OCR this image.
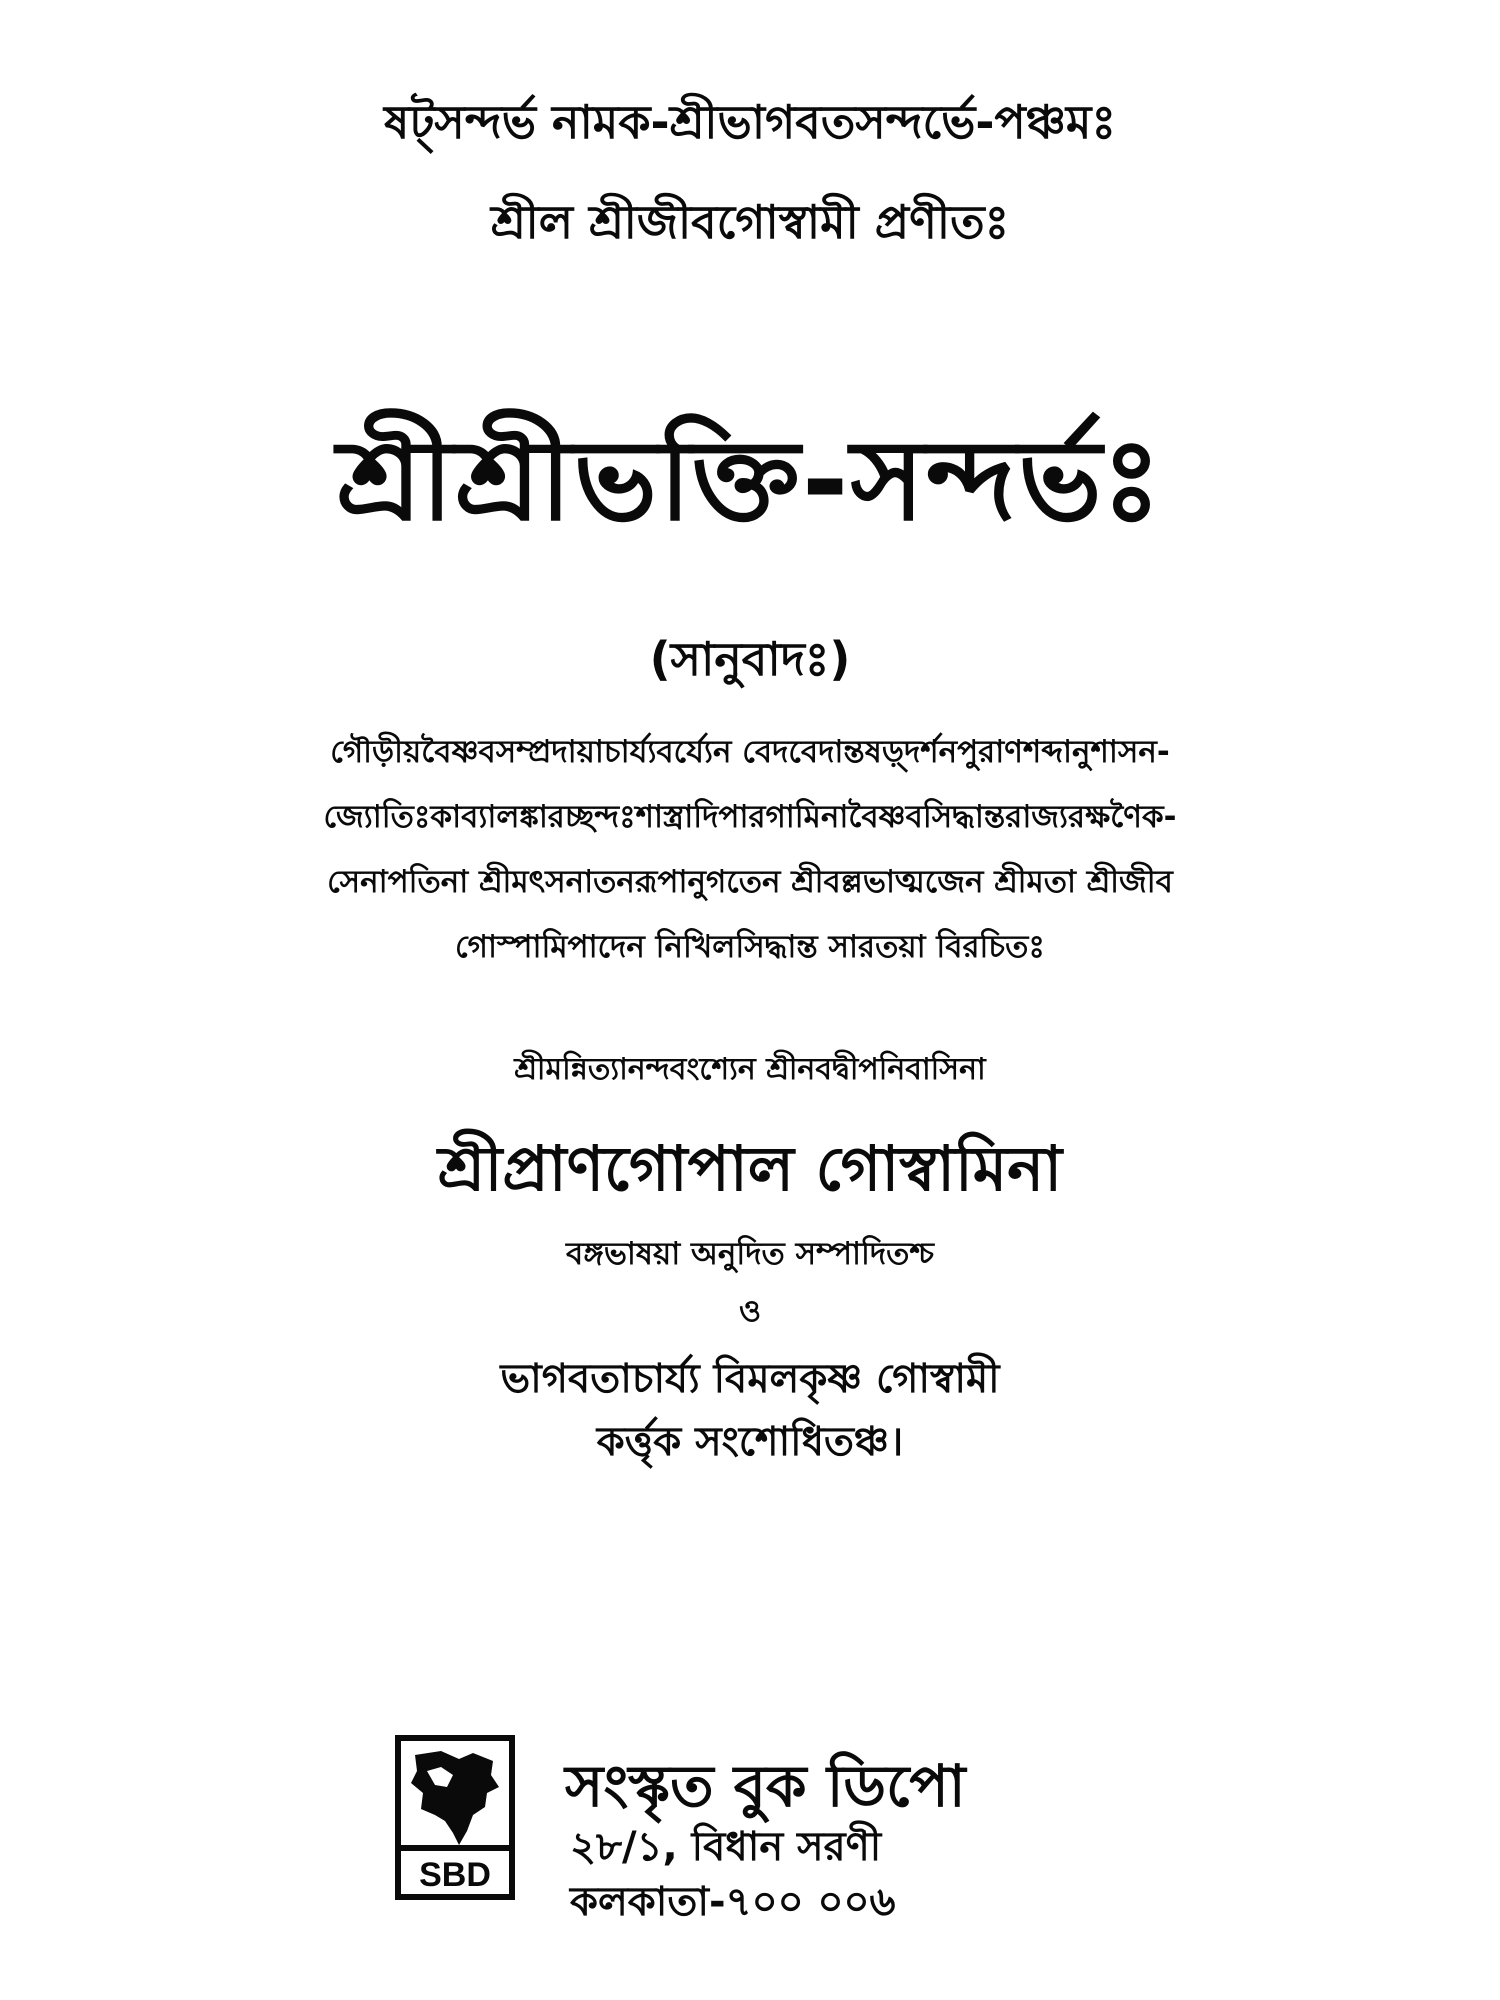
ষট্সন্দর্ভ নামক-শ্রীভাগবতসন্দর্ভে-পঞ্চমঃ
শ্রীল শ্রীজীবগোস্বামী প্রণীতঃ
শ্রীশ্রীভক্তি-সন্দর্ভঃ
(সানুবাদঃ)
গৌড়ীয়বৈষ্ণবসম্প্রদায়াচার্য্যবর্য্যেন বেদবেদান্তষড়্দর্শনপুরাণশব্দানুশাসন-
জ্যোতিঃকাব্যালঙ্কারচ্ছন্দঃশাস্ত্রাদিপারগামিনাবৈষ্ণবসিদ্ধান্তরাজ্যরক্ষণৈক-
সেনাপতিনা শ্রীমৎসনাতনরূপানুগতেন শ্রীবল্লভাত্মজেন শ্রীমতা শ্রীজীব
গোস্পামিপাদেন নিখিলসিদ্ধান্ত সারতয়া বিরচিতঃ
শ্রীমন্নিত্যানন্দবংশ্যেন শ্রীনবদ্বীপনিবাসিনা
শ্রীপ্রাণগোপাল গোস্বামিনা
বঙ্গভাষয়া অনুদিত সম্পাদিতশ্চ
ও
ভাগবতাচার্য্য বিমলকৃষ্ণ গোস্বামী
কর্ত্তৃক সংশোধিতঞ্চ।
SBD
সংস্কৃত বুক ডিপো
২৮/১, বিধান সরণী
কলকাতা-৭০০ ০০৬
